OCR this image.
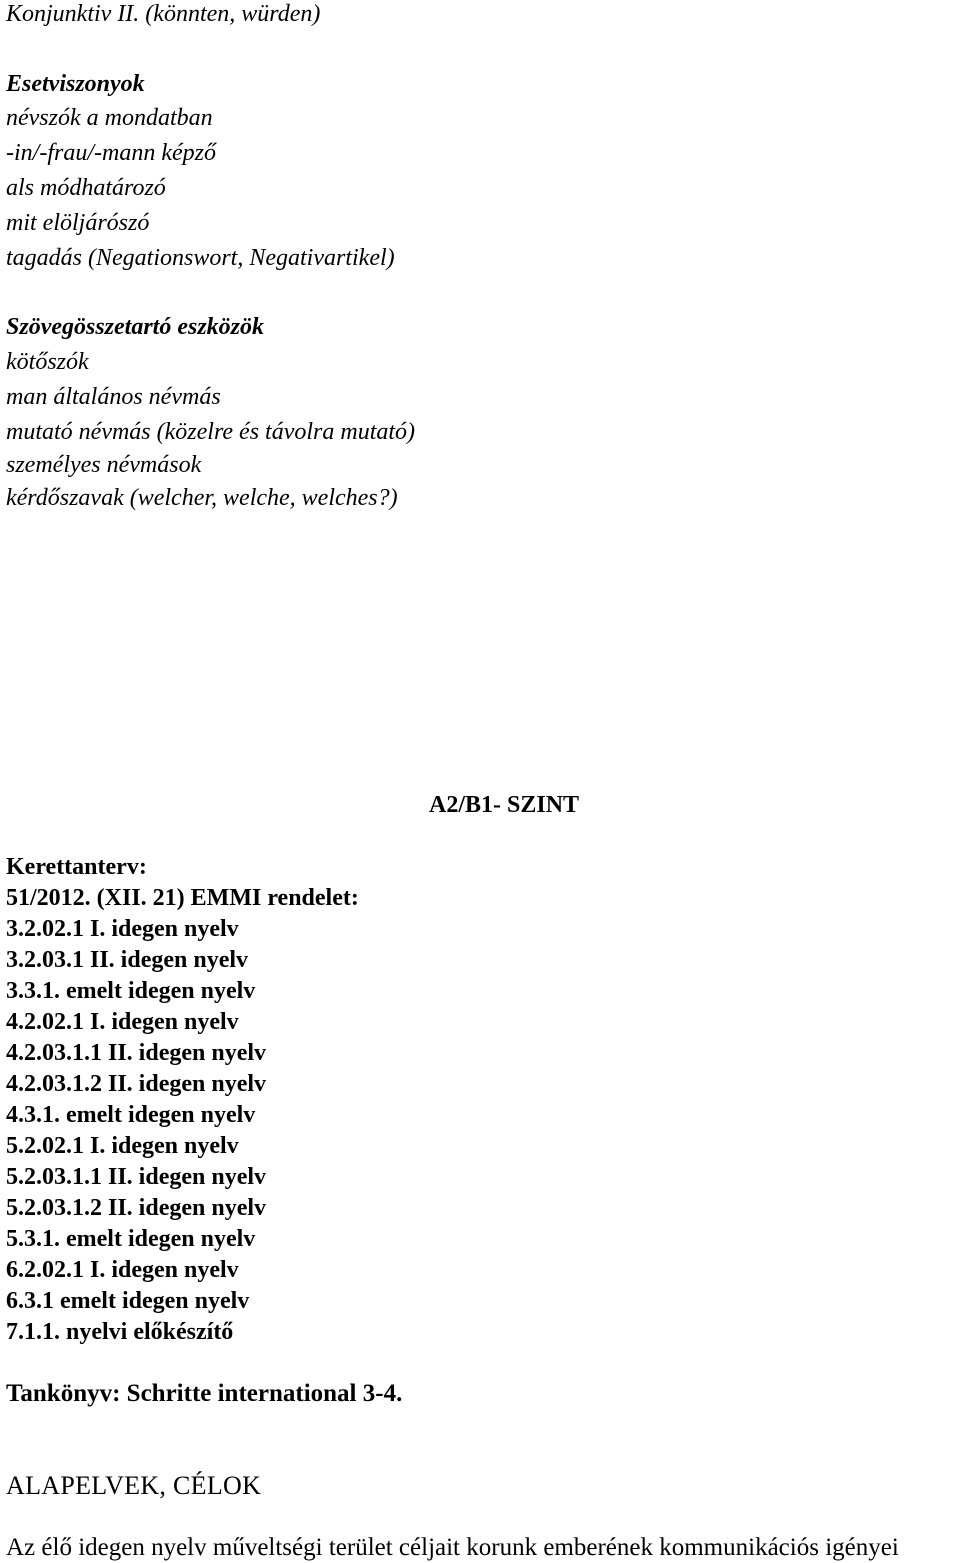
Konjunktiv II. (könnten, würden)
Esetviszonyok
névszók a mondatban
-in/-frau/-mann képző
als módhatározó
mit elöljárószó
tagadás (Negationswort, Negativartikel)
Szövegösszetartó eszközök
kötőszók
man általános névmás
mutató névmás (közelre és távolra mutató)
személyes névmások
kérdőszavak (welcher, welche, welches?)
A2/B1- SZINT
Kerettanterv:
51/2012. (XII. 21) EMMI rendelet:
3.2.02.1 I. idegen nyelv
3.2.03.1 II. idegen nyelv
3.3.1. emelt idegen nyelv
4.2.02.1 I. idegen nyelv
4.2.03.1.1 II. idegen nyelv
4.2.03.1.2 II. idegen nyelv
4.3.1. emelt idegen nyelv
5.2.02.1 I. idegen nyelv
5.2.03.1.1 II. idegen nyelv
5.2.03.1.2 II. idegen nyelv
5.3.1. emelt idegen nyelv
6.2.02.1 I. idegen nyelv
6.3.1 emelt idegen nyelv
7.1.1. nyelvi előkészítő
Tankönyv: Schritte international 3-4.
ALAPELVEK, CÉLOK
Az élő idegen nyelv műveltségi terület céljait korunk emberének kommunikációs igényei
